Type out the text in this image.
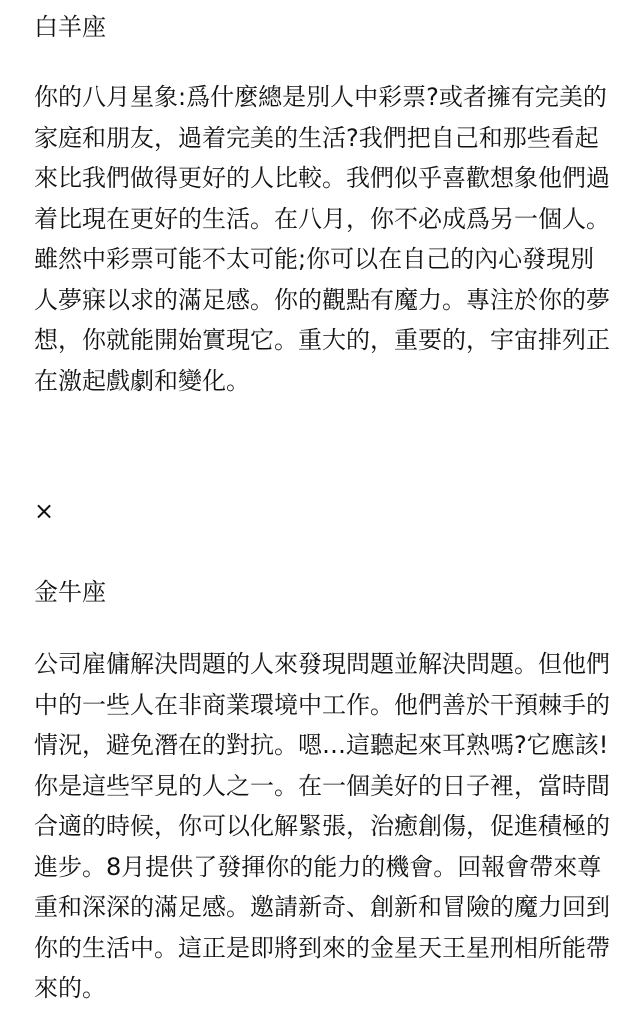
白羊座

你的八月星象:爲什麼總是別人中彩票?或者擁有完美的家庭和朋友，過着完美的生活?我們把自己和那些看起來比我們做得更好的人比較。我們似乎喜歡想象他們過着比現在更好的生活。在八月，你不必成爲另一個人。雖然中彩票可能不太可能;你可以在自己的內心發現別人夢寐以求的滿足感。你的觀點有魔力。專注於你的夢想，你就能開始實現它。重大的，重要的，宇宙排列正在激起戲劇和變化。

×
金牛座

公司雇傭解決問題的人來發現問題並解決問題。但他們中的一些人在非商業環境中工作。他們善於干預棘手的情況，避免潛在的對抗。嗯…這聽起來耳熟嗎?它應該!你是這些罕見的人之一。在一個美好的日子裡，當時間合適的時候，你可以化解緊張，治癒創傷，促進積極的進步。8月提供了發揮你的能力的機會。回報會帶來尊重和深深的滿足感。邀請新奇、創新和冒險的魔力回到你的生活中。這正是即將到來的金星天王星刑相所能帶來的。
